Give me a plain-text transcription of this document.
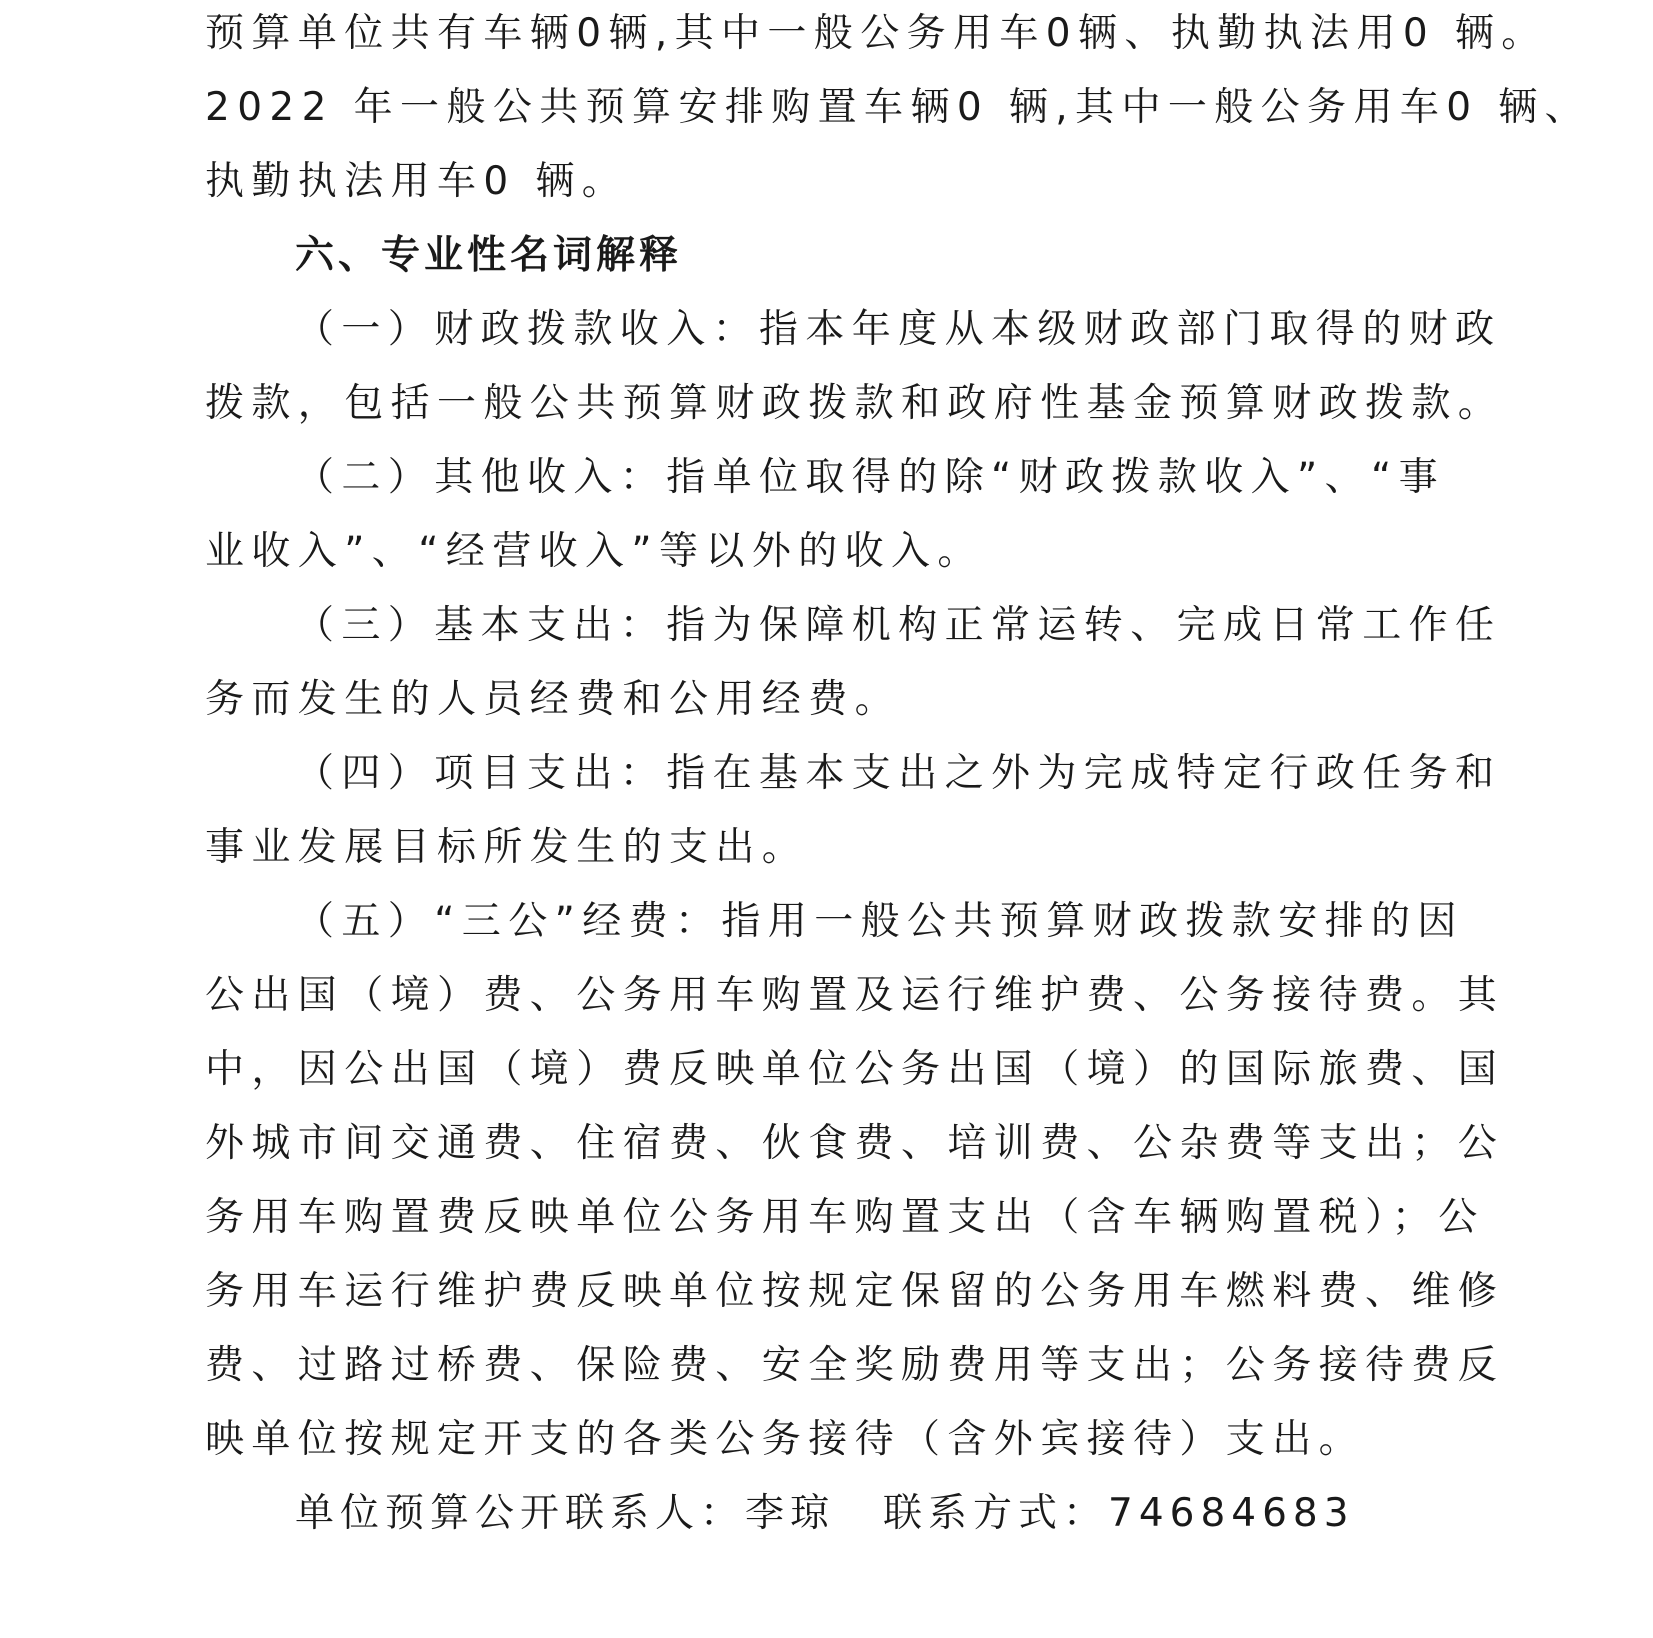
预算单位共有车辆0辆,其中一般公务用车0辆、执勤执法用0 辆。
2022 年一般公共预算安排购置车辆0 辆,其中一般公务用车0 辆、
执勤执法用车0 辆。
六、专业性名词解释
（一）财政拨款收入：指本年度从本级财政部门取得的财政
拨款，包括一般公共预算财政拨款和政府性基金预算财政拨款。
（二）其他收入：指单位取得的除“财政拨款收入”、“事
业收入”、“经营收入”等以外的收入。
（三）基本支出：指为保障机构正常运转、完成日常工作任
务而发生的人员经费和公用经费。
（四）项目支出：指在基本支出之外为完成特定行政任务和
事业发展目标所发生的支出。
（五）“三公”经费：指用一般公共预算财政拨款安排的因
公出国（境）费、公务用车购置及运行维护费、公务接待费。其
中，因公出国（境）费反映单位公务出国（境）的国际旅费、国
外城市间交通费、住宿费、伙食费、培训费、公杂费等支出；公
务用车购置费反映单位公务用车购置支出（含车辆购置税）；公
务用车运行维护费反映单位按规定保留的公务用车燃料费、维修
费、过路过桥费、保险费、安全奖励费用等支出；公务接待费反
映单位按规定开支的各类公务接待（含外宾接待）支出。
单位预算公开联系人：李琼 联系方式：74684683
